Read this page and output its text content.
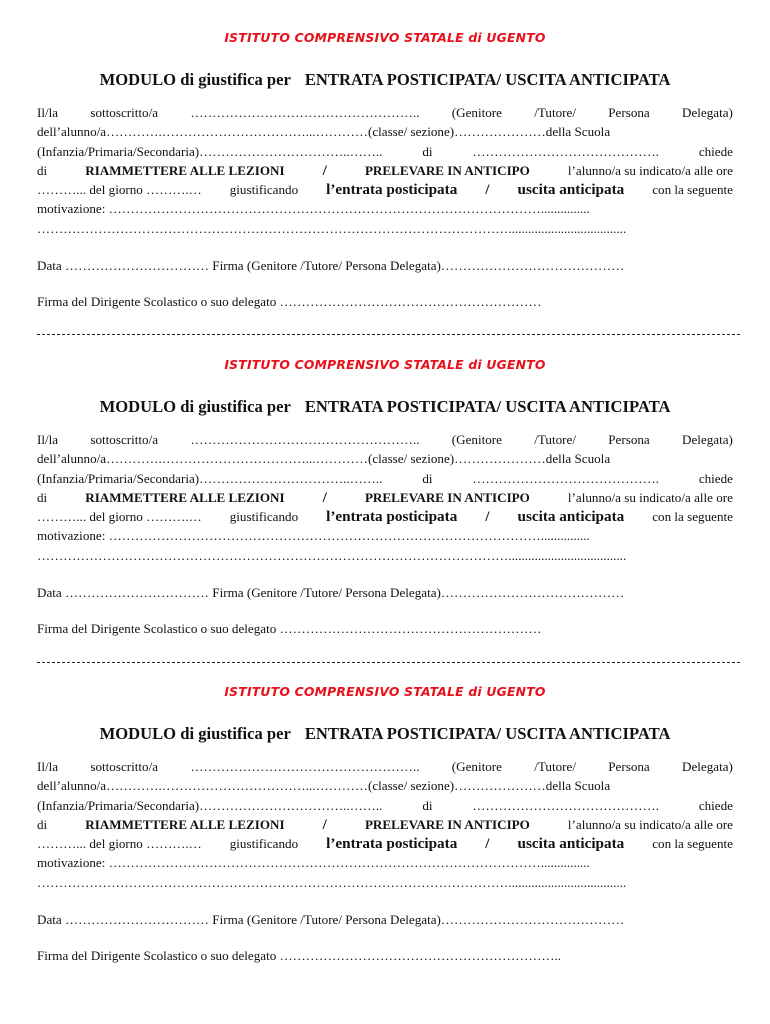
ISTITUTO COMPRENSIVO STATALE di UGENTO
MODULO di giustifica per ENTRATA POSTICIPATA/ USCITA ANTICIPATA
Il/la sottoscritto/a …………………………………………….. (Genitore /Tutore/ Persona Delegata)
dell’alunno/a………….……………………………...…………(classe/ sezione)…………………della Scuola
(Infanzia/Primaria/Secondaria)……………………………..……..	di	…………………………………….	chiede
di	RIAMMETTERE ALLE LEZIONI	/	PRELEVARE IN ANTICIPO	l’alunno/a su indicato/a alle ore
………... del giorno ……….… giustificando l’entrata posticipata / uscita anticipata con la seguente
motivazione: ………………………………………………………………………………………...............
………………………………………………………………………………………………....................................
Data …………………………… Firma (Genitore /Tutore/ Persona Delegata)……………………………………
Firma del Dirigente Scolastico o suo delegato ……………………………………………………
ISTITUTO COMPRENSIVO STATALE di UGENTO
MODULO di giustifica per ENTRATA POSTICIPATA/ USCITA ANTICIPATA
Il/la sottoscritto/a …………………………………………….. (Genitore /Tutore/ Persona Delegata)
dell’alunno/a………….……………………………...…………(classe/ sezione)…………………della Scuola
(Infanzia/Primaria/Secondaria)……………………………..……..	di	…………………………………….	chiede
di	RIAMMETTERE ALLE LEZIONI	/	PRELEVARE IN ANTICIPO	l’alunno/a su indicato/a alle ore
………... del giorno ……….… giustificando l’entrata posticipata / uscita anticipata con la seguente
motivazione: ………………………………………………………………………………………...............
………………………………………………………………………………………………....................................
Data …………………………… Firma (Genitore /Tutore/ Persona Delegata)……………………………………
Firma del Dirigente Scolastico o suo delegato ……………………………………………………
ISTITUTO COMPRENSIVO STATALE di UGENTO
MODULO di giustifica per ENTRATA POSTICIPATA/ USCITA ANTICIPATA
Il/la sottoscritto/a …………………………………………….. (Genitore /Tutore/ Persona Delegata)
dell’alunno/a………….……………………………...…………(classe/ sezione)…………………della Scuola
(Infanzia/Primaria/Secondaria)……………………………..……..	di	…………………………………….	chiede
di	RIAMMETTERE ALLE LEZIONI	/	PRELEVARE IN ANTICIPO	l’alunno/a su indicato/a alle ore
………... del giorno ……….… giustificando l’entrata posticipata / uscita anticipata con la seguente
motivazione: ………………………………………………………………………………………...............
………………………………………………………………………………………………....................................
Data …………………………… Firma (Genitore /Tutore/ Persona Delegata)……………………………………
Firma del Dirigente Scolastico o suo delegato ………………………………………………………..
